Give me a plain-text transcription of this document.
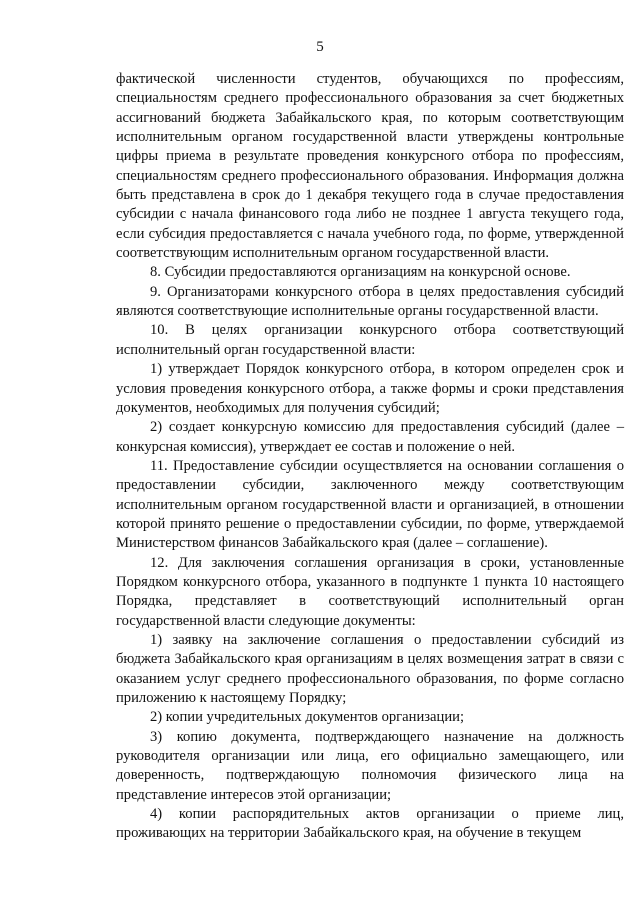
5

фактической численности студентов, обучающихся по профессиям, специальностям среднего профессионального образования за счет бюджетных ассигнований бюджета Забайкальского края, по которым соответствующим исполнительным органом государственной власти утверждены контрольные цифры приема в результате проведения конкурсного отбора по профессиям, специальностям среднего профессионального образования. Информация должна быть представлена в срок до 1 декабря текущего года в случае предоставления субсидии с начала финансового года либо не позднее 1 августа текущего года, если субсидия предоставляется с начала учебного года, по форме, утвержденной соответствующим исполнительным органом государственной власти.

8. Субсидии предоставляются организациям на конкурсной основе.

9. Организаторами конкурсного отбора в целях предоставления субсидий являются соответствующие исполнительные органы государственной власти.

10. В целях организации конкурсного отбора соответствующий исполнительный орган государственной власти:

1) утверждает Порядок конкурсного отбора, в котором определен срок и условия проведения конкурсного отбора, а также формы и сроки представления документов, необходимых для получения субсидий;

2) создает конкурсную комиссию для предоставления субсидий (далее – конкурсная комиссия), утверждает ее состав и положение о ней.

11. Предоставление субсидии осуществляется на основании соглашения о предоставлении субсидии, заключенного между соответствующим исполнительным органом государственной власти и организацией, в отношении которой принято решение о предоставлении субсидии, по форме, утверждаемой Министерством финансов Забайкальского края (далее – соглашение).

12. Для заключения соглашения организация в сроки, установленные Порядком конкурсного отбора, указанного в подпункте 1 пункта 10 настоящего Порядка, представляет в соответствующий исполнительный орган государственной власти следующие документы:

1) заявку на заключение соглашения о предоставлении субсидий из бюджета Забайкальского края организациям в целях возмещения затрат в связи с оказанием услуг среднего профессионального образования, по форме согласно приложению к настоящему Порядку;

2) копии учредительных документов организации;

3) копию документа, подтверждающего назначение на должность руководителя организации или лица, его официально замещающего, или доверенность, подтверждающую полномочия физического лица на представление интересов этой организации;

4) копии распорядительных актов организации о приеме лиц, проживающих на территории Забайкальского края, на обучение в текущем
